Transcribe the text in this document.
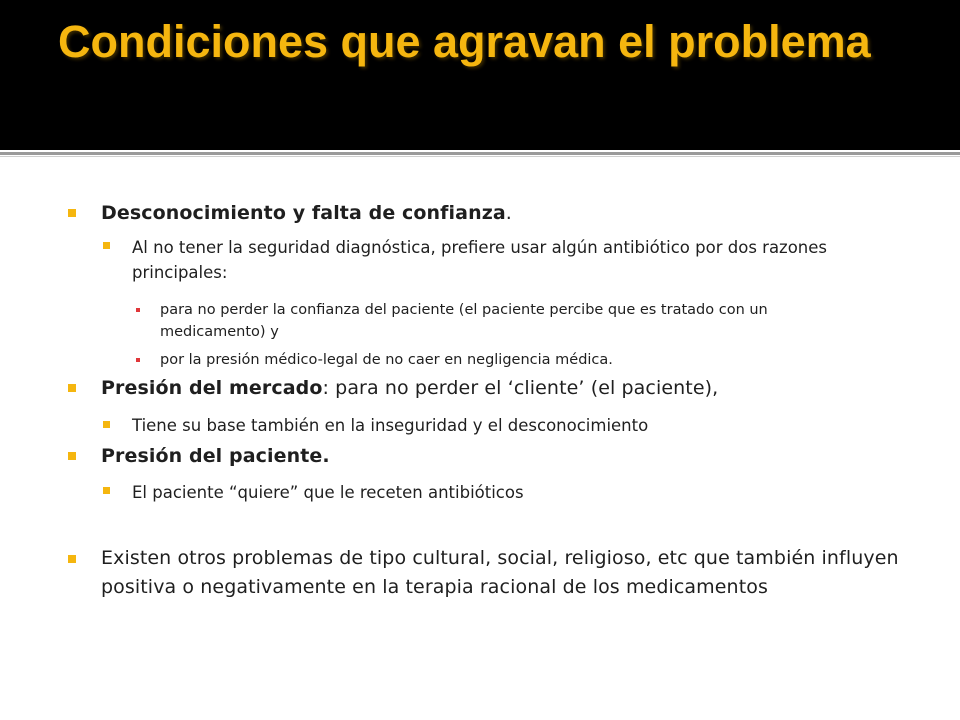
Condiciones que agravan el problema
Desconocimiento y falta de confianza.
Al no tener la seguridad diagnóstica, prefiere usar algún antibiótico por dos razones principales:
para no perder la confianza del paciente (el paciente percibe que es tratado con un medicamento) y
por la presión médico-legal de no caer en negligencia médica.
Presión del mercado: para no perder el ‘cliente’ (el paciente),
Tiene su base también en la inseguridad y el desconocimiento
Presión del paciente.
El paciente “quiere” que le receten antibióticos
Existen otros problemas de tipo cultural, social, religioso, etc que también influyen positiva o negativamente en la terapia racional de los medicamentos
